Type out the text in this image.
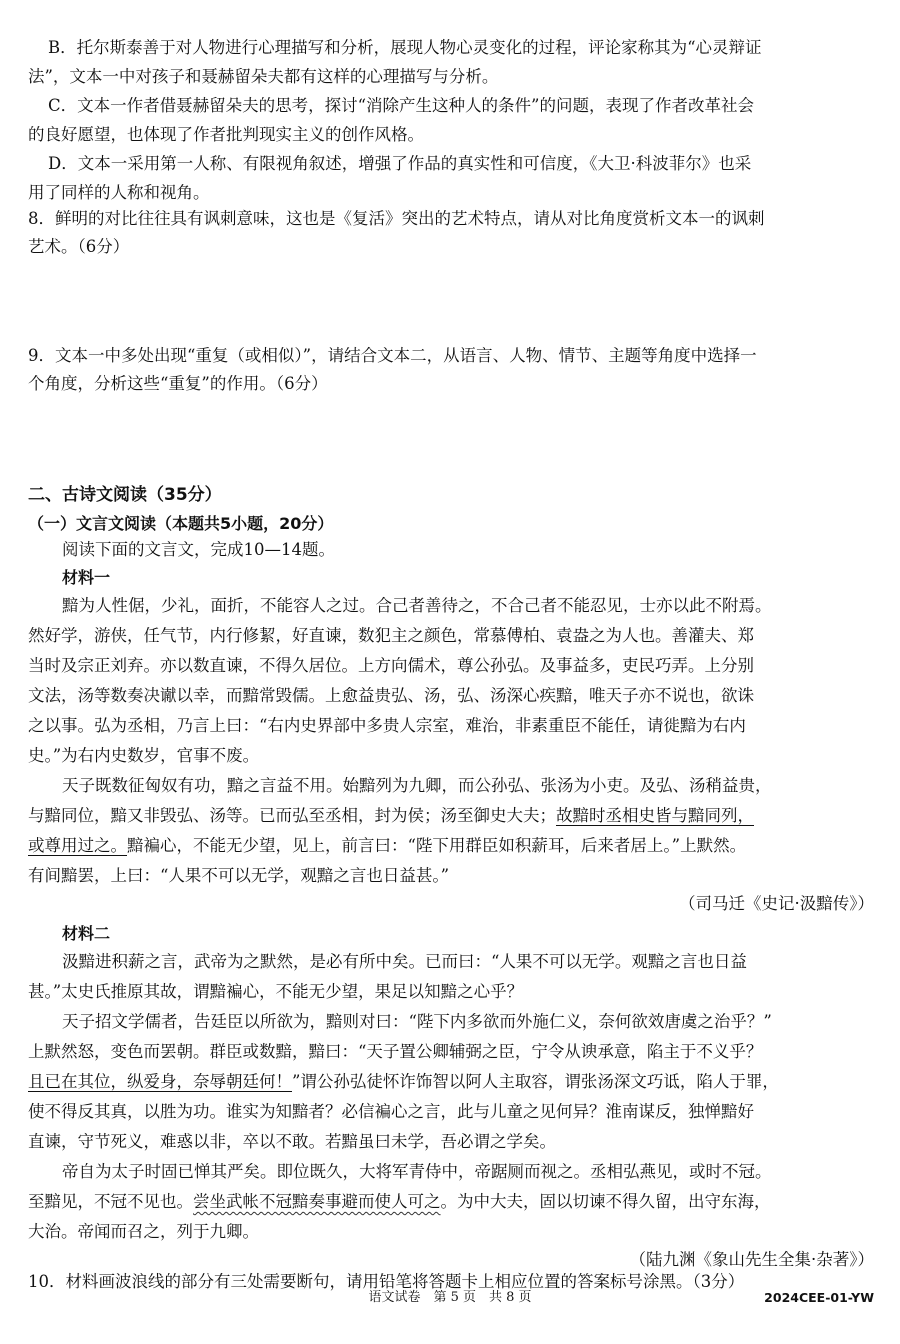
B．托尔斯泰善于对人物进行心理描写和分析，展现人物心灵变化的过程，评论家称其为“心灵辩证
法”，文本一中对孩子和聂赫留朵夫都有这样的心理描写与分析。
C．文本一作者借聂赫留朵夫的思考，探讨“消除产生这种人的条件”的问题，表现了作者改革社会
的良好愿望，也体现了作者批判现实主义的创作风格。
D．文本一采用第一人称、有限视角叙述，增强了作品的真实性和可信度，《大卫·科波菲尔》也采
用了同样的人称和视角。
8．鲜明的对比往往具有讽刺意味，这也是《复活》突出的艺术特点，请从对比角度赏析文本一的讽刺
艺术。（6分）
9．文本一中多处出现“重复（或相似）”，请结合文本二，从语言、人物、情节、主题等角度中选择一
个角度，分析这些“重复”的作用。（6分）
二、古诗文阅读（35分）
（一）文言文阅读（本题共5小题，20分）
阅读下面的文言文，完成10—14题。
材料一
黯为人性倨，少礼，面折，不能容人之过。合己者善待之，不合己者不能忍见，士亦以此不附焉。
然好学，游侠，任气节，内行修絜，好直谏，数犯主之颜色，常慕傅柏、袁盎之为人也。善灌夫、郑
当时及宗正刘弃。亦以数直谏，不得久居位。上方向儒术，尊公孙弘。及事益多，吏民巧弄。上分别
文法，汤等数奏决谳以幸，而黯常毁儒。上愈益贵弘、汤，弘、汤深心疾黯，唯天子亦不说也，欲诛
之以事。弘为丞相，乃言上曰：“右内史界部中多贵人宗室，难治，非素重臣不能任，请徙黯为右内
史。”为右内史数岁，官事不废。
天子既数征匈奴有功，黯之言益不用。始黯列为九卿，而公孙弘、张汤为小吏。及弘、汤稍益贵，
与黯同位，黯又非毁弘、汤等。已而弘至丞相，封为侯；汤至御史大夫；故黯时丞相史皆与黯同列，
或尊用过之。黯褊心，不能无少望，见上，前言曰：“陛下用群臣如积薪耳，后来者居上。”上默然。
有间黯罢，上曰：“人果不可以无学，观黯之言也日益甚。”
（司马迁《史记·汲黯传》）
材料二
汲黯进积薪之言，武帝为之默然，是必有所中矣。已而曰：“人果不可以无学。观黯之言也日益
甚。”太史氏推原其故，谓黯褊心，不能无少望，果足以知黯之心乎？
天子招文学儒者，告廷臣以所欲为，黯则对曰：“陛下内多欲而外施仁义，奈何欲效唐虞之治乎？”
上默然怒，变色而罢朝。群臣或数黯，黯曰：“天子置公卿辅弼之臣，宁令从谀承意，陷主于不义乎？
且已在其位，纵爱身，奈辱朝廷何！”谓公孙弘徒怀诈饰智以阿人主取容，谓张汤深文巧诋，陷人于罪，
使不得反其真，以胜为功。谁实为知黯者？必信褊心之言，此与儿童之见何异？淮南谋反，独惮黯好
直谏，守节死义，难惑以非，卒以不敢。若黯虽曰未学，吾必谓之学矣。
帝自为太子时固已惮其严矣。即位既久，大将军青侍中，帝踞厕而视之。丞相弘燕见，或时不冠。
至黯见，不冠不见也。尝坐武帐不冠黯奏事避而使人可之。为中大夫，固以切谏不得久留，出守东海，
大治。帝闻而召之，列于九卿。
（陆九渊《象山先生全集·杂著》）
10．材料画波浪线的部分有三处需要断句，请用铅笔将答题卡上相应位置的答案标号涂黑。（3分）
语文试卷　第 5 页　共 8 页	2024CEE-01-YW
